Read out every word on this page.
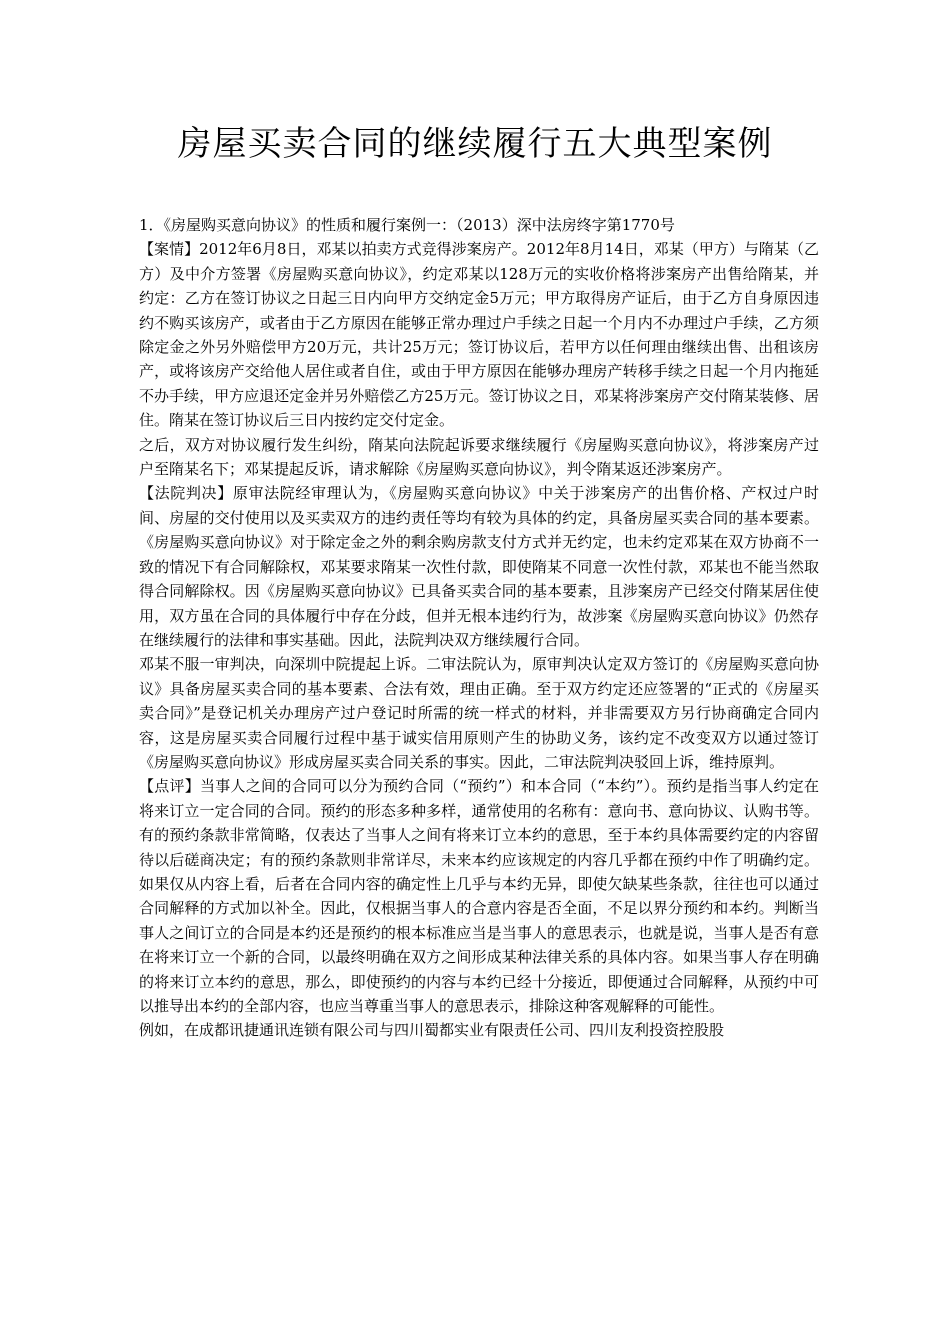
房屋买卖合同的继续履行五大典型案例

1．《房屋购买意向协议》的性质和履行案例一：（2013）深中法房终字第1770号

【案情】2012年6月8日，邓某以拍卖方式竞得涉案房产。2012年8月14日，邓某（甲方）与隋某（乙方）及中介方签署《房屋购买意向协议》，约定邓某以128万元的实收价格将涉案房产出售给隋某，并约定：乙方在签订协议之日起三日内向甲方交纳定金5万元；甲方取得房产证后，由于乙方自身原因违约不购买该房产，或者由于乙方原因在能够正常办理过户手续之日起一个月内不办理过户手续，乙方须除定金之外另外赔偿甲方20万元，共计25万元；签订协议后，若甲方以任何理由继续出售、出租该房产，或将该房产交给他人居住或者自住，或由于甲方原因在能够办理房产转移手续之日起一个月内拖延不办手续，甲方应退还定金并另外赔偿乙方25万元。签订协议之日，邓某将涉案房产交付隋某装修、居住。隋某在签订协议后三日内按约定交付定金。

之后，双方对协议履行发生纠纷，隋某向法院起诉要求继续履行《房屋购买意向协议》，将涉案房产过户至隋某名下；邓某提起反诉，请求解除《房屋购买意向协议》，判令隋某返还涉案房产。

【法院判决】原审法院经审理认为，《房屋购买意向协议》中关于涉案房产的出售价格、产权过户时间、房屋的交付使用以及买卖双方的违约责任等均有较为具体的约定，具备房屋买卖合同的基本要素。《房屋购买意向协议》对于除定金之外的剩余购房款支付方式并无约定，也未约定邓某在双方协商不一致的情况下有合同解除权，邓某要求隋某一次性付款，即使隋某不同意一次性付款，邓某也不能当然取得合同解除权。因《房屋购买意向协议》已具备买卖合同的基本要素，且涉案房产已经交付隋某居住使用，双方虽在合同的具体履行中存在分歧，但并无根本违约行为，故涉案《房屋购买意向协议》仍然存在继续履行的法律和事实基础。因此，法院判决双方继续履行合同。

邓某不服一审判决，向深圳中院提起上诉。二审法院认为，原审判决认定双方签订的《房屋购买意向协议》具备房屋买卖合同的基本要素、合法有效，理由正确。至于双方约定还应签署的“正式的《房屋买卖合同》”是登记机关办理房产过户登记时所需的统一样式的材料，并非需要双方另行协商确定合同内容，这是房屋买卖合同履行过程中基于诚实信用原则产生的协助义务，该约定不改变双方以通过签订《房屋购买意向协议》形成房屋买卖合同关系的事实。因此，二审法院判决驳回上诉，维持原判。

【点评】当事人之间的合同可以分为预约合同（“预约”）和本合同（“本约”）。预约是指当事人约定在将来订立一定合同的合同。预约的形态多种多样，通常使用的名称有：意向书、意向协议、认购书等。有的预约条款非常简略，仅表达了当事人之间有将来订立本约的意思，至于本约具体需要约定的内容留待以后磋商决定；有的预约条款则非常详尽，未来本约应该规定的内容几乎都在预约中作了明确约定。如果仅从内容上看，后者在合同内容的确定性上几乎与本约无异，即使欠缺某些条款，往往也可以通过合同解释的方式加以补全。因此，仅根据当事人的合意内容是否全面，不足以界分预约和本约。判断当事人之间订立的合同是本约还是预约的根本标准应当是当事人的意思表示，也就是说，当事人是否有意在将来订立一个新的合同，以最终明确在双方之间形成某种法律关系的具体内容。如果当事人存在明确的将来订立本约的意思，那么，即使预约的内容与本约已经十分接近，即便通过合同解释，从预约中可以推导出本约的全部内容，也应当尊重当事人的意思表示，排除这种客观解释的可能性。

例如，在成都讯捷通讯连锁有限公司与四川蜀都实业有限责任公司、四川友利投资控股股
